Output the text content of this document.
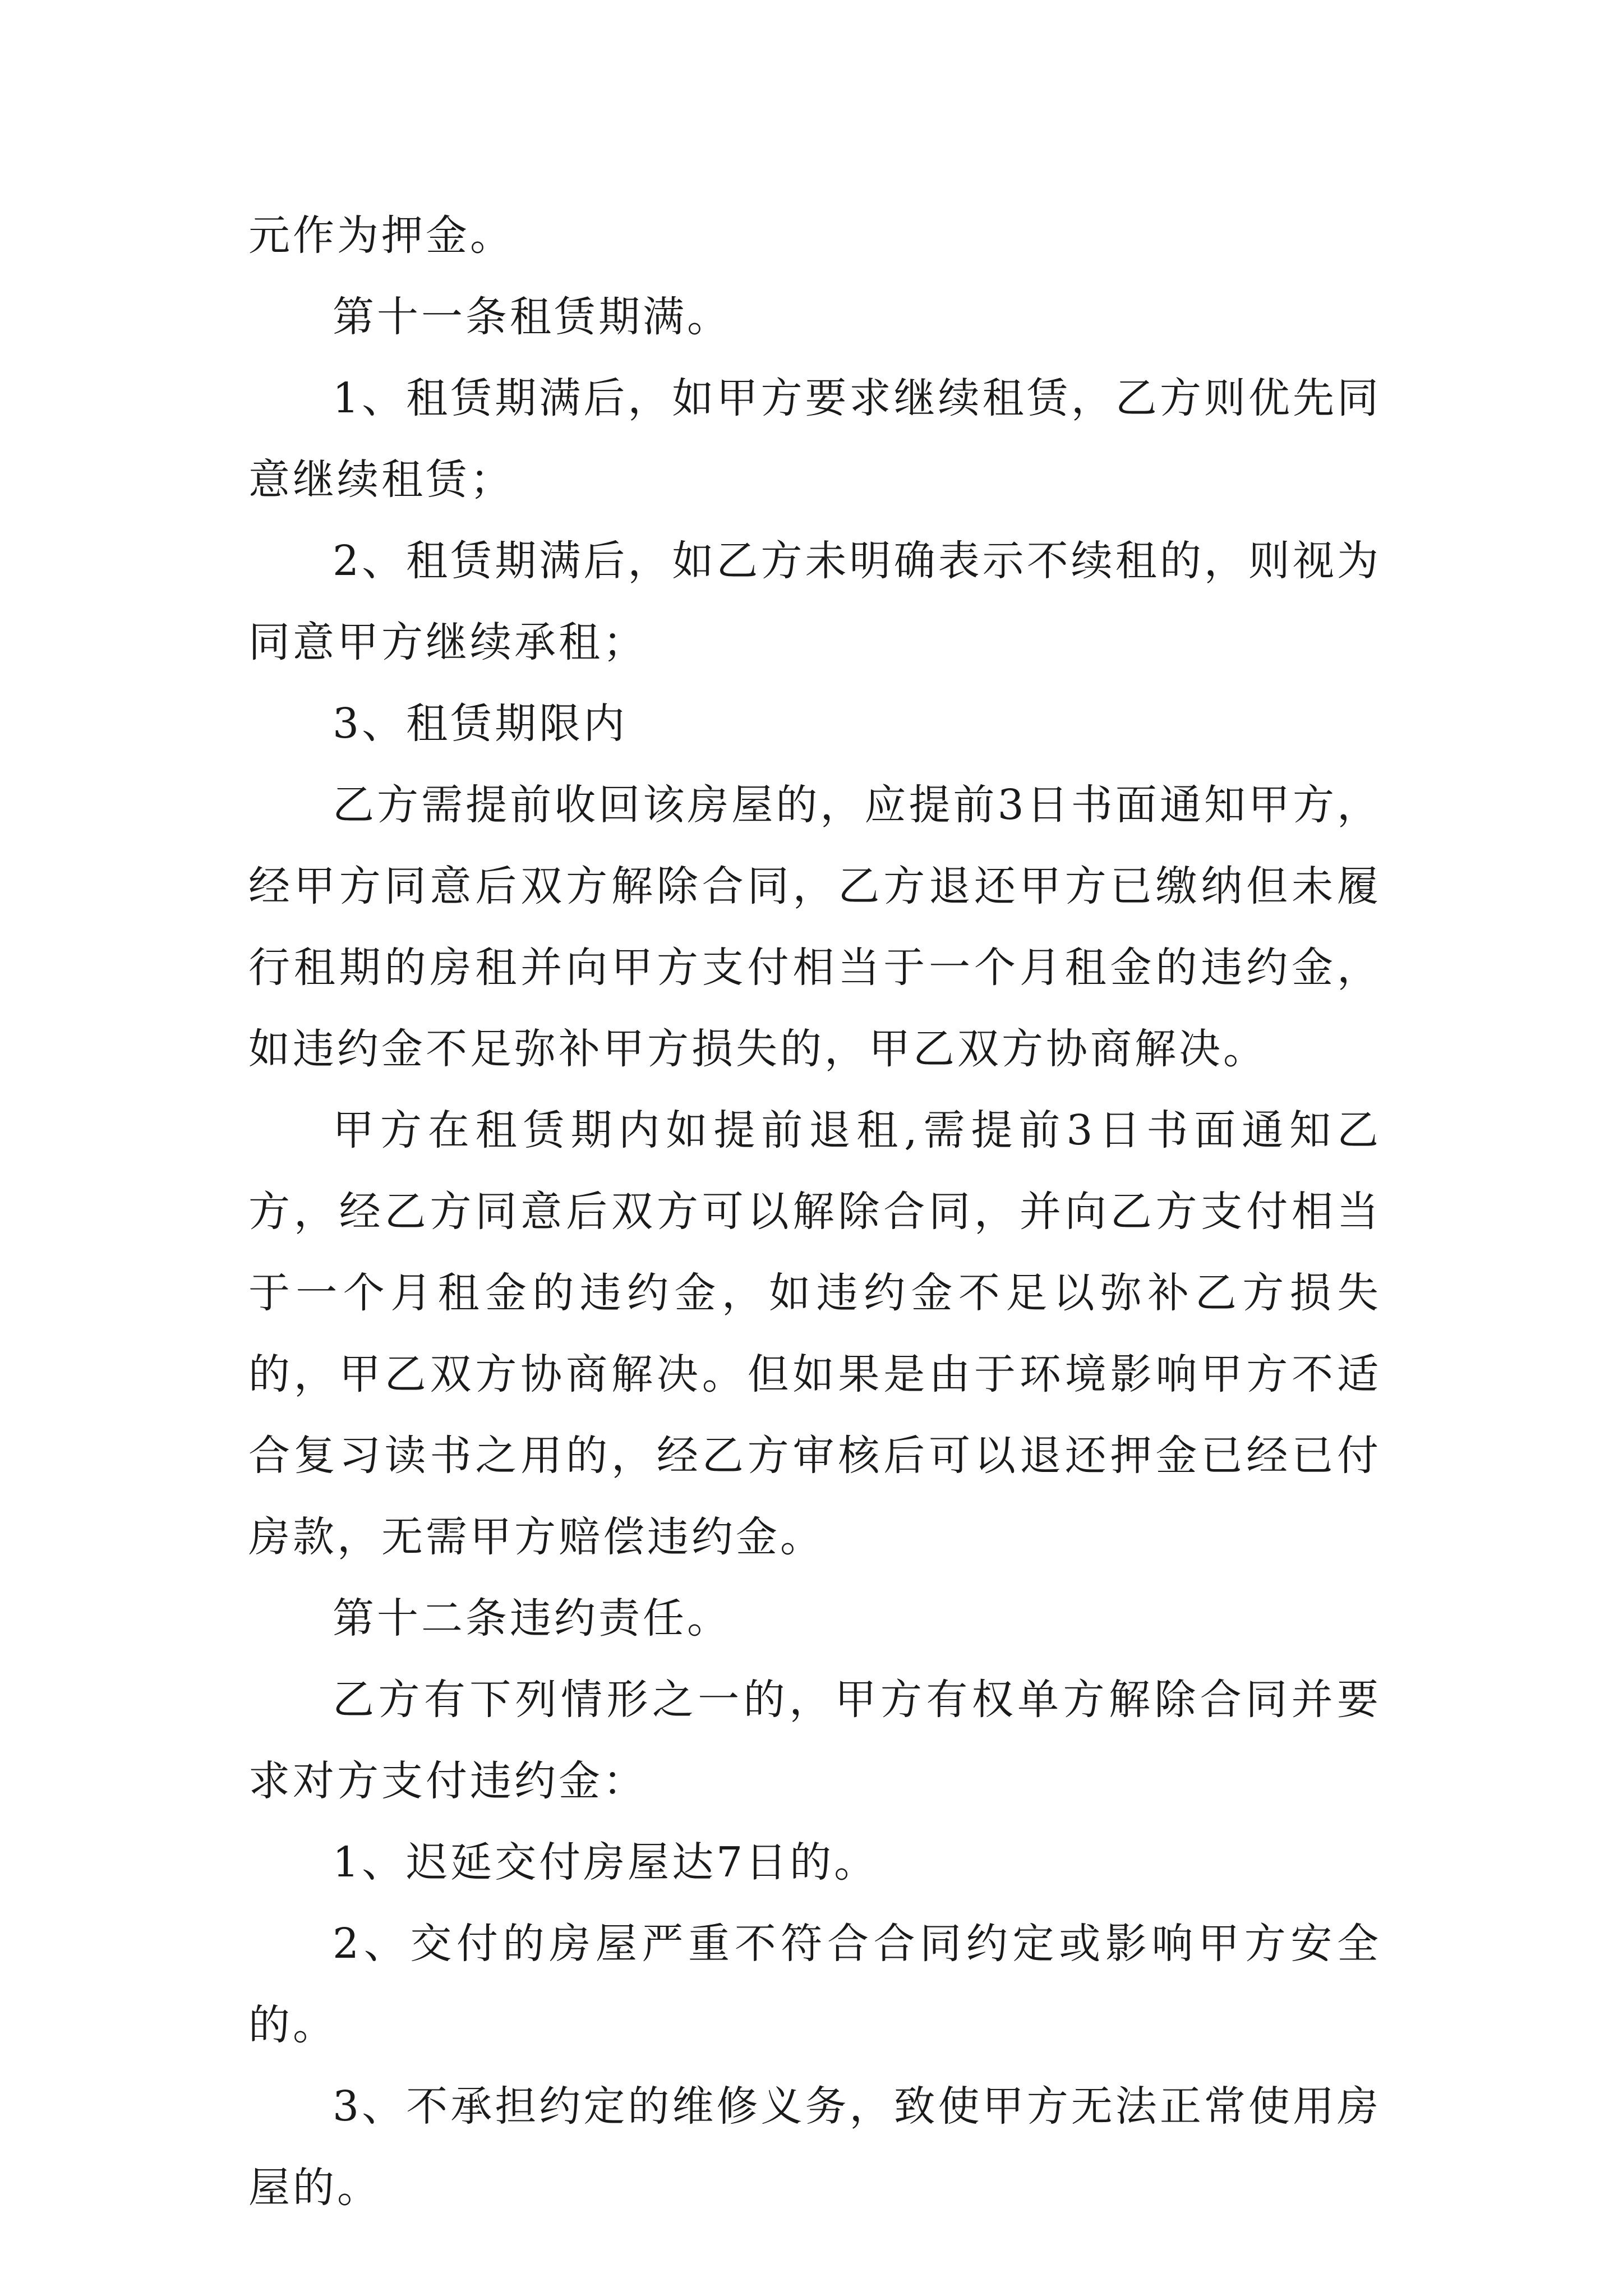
元作为押金。

第十一条租赁期满。

1、租赁期满后，如甲方要求继续租赁，乙方则优先同意继续租赁；

2、租赁期满后，如乙方未明确表示不续租的，则视为同意甲方继续承租；

3、租赁期限内

乙方需提前收回该房屋的，应提前3日书面通知甲方，经甲方同意后双方解除合同，乙方退还甲方已缴纳但未履行租期的房租并向甲方支付相当于一个月租金的违约金，如违约金不足弥补甲方损失的，甲乙双方协商解决。

甲方在租赁期内如提前退租,需提前3日书面通知乙方，经乙方同意后双方可以解除合同，并向乙方支付相当于一个月租金的违约金，如违约金不足以弥补乙方损失的，甲乙双方协商解决。但如果是由于环境影响甲方不适合复习读书之用的，经乙方审核后可以退还押金已经已付房款，无需甲方赔偿违约金。

第十二条违约责任。

乙方有下列情形之一的，甲方有权单方解除合同并要求对方支付违约金：

1、迟延交付房屋达7日的。

2、交付的房屋严重不符合合同约定或影响甲方安全的。

3、不承担约定的维修义务，致使甲方无法正常使用房屋的。
